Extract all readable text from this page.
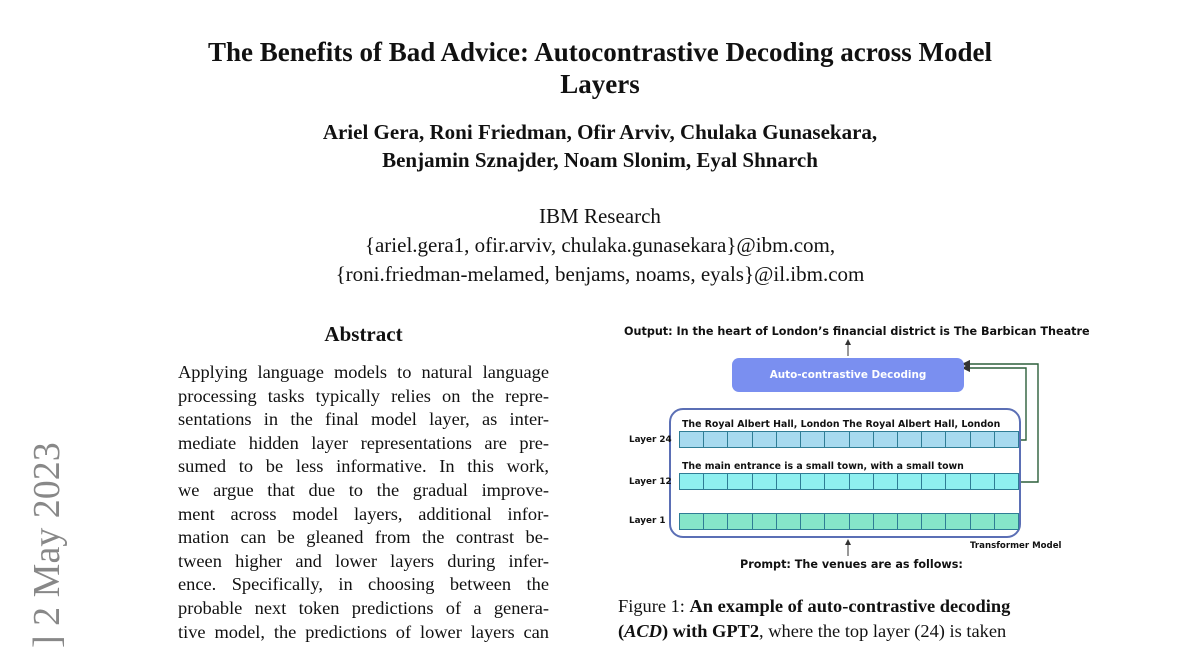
The Benefits of Bad Advice: Autocontrastive Decoding across Model
Layers
Ariel Gera, Roni Friedman, Ofir Arviv, Chulaka Gunasekara,
Benjamin Sznajder, Noam Slonim, Eyal Shnarch
IBM Research
{ariel.gera1, ofir.arviv, chulaka.gunasekara}@ibm.com,
{roni.friedman-melamed, benjams, noams, eyals}@il.ibm.com
] 2 May 2023
Abstract
Applying language models to natural language
processing tasks typically relies on the repre-
sentations in the final model layer, as inter-
mediate hidden layer representations are pre-
sumed to be less informative. In this work,
we argue that due to the gradual improve-
ment across model layers, additional infor-
mation can be gleaned from the contrast be-
tween higher and lower layers during infer-
ence. Specifically, in choosing between the
probable next token predictions of a genera-
tive model, the predictions of lower layers can
Output: In the heart of London’s financial district is The Barbican Theatre
Auto-contrastive Decoding
The Royal Albert Hall, London The Royal Albert Hall, London
Layer 24
The main entrance is a small town, with a small town
Layer 12
Layer 1
Transformer Model
Prompt: The venues are as follows:
Figure 1: An example of auto-contrastive decoding
(ACD) with GPT2, where the top layer (24) is taken
